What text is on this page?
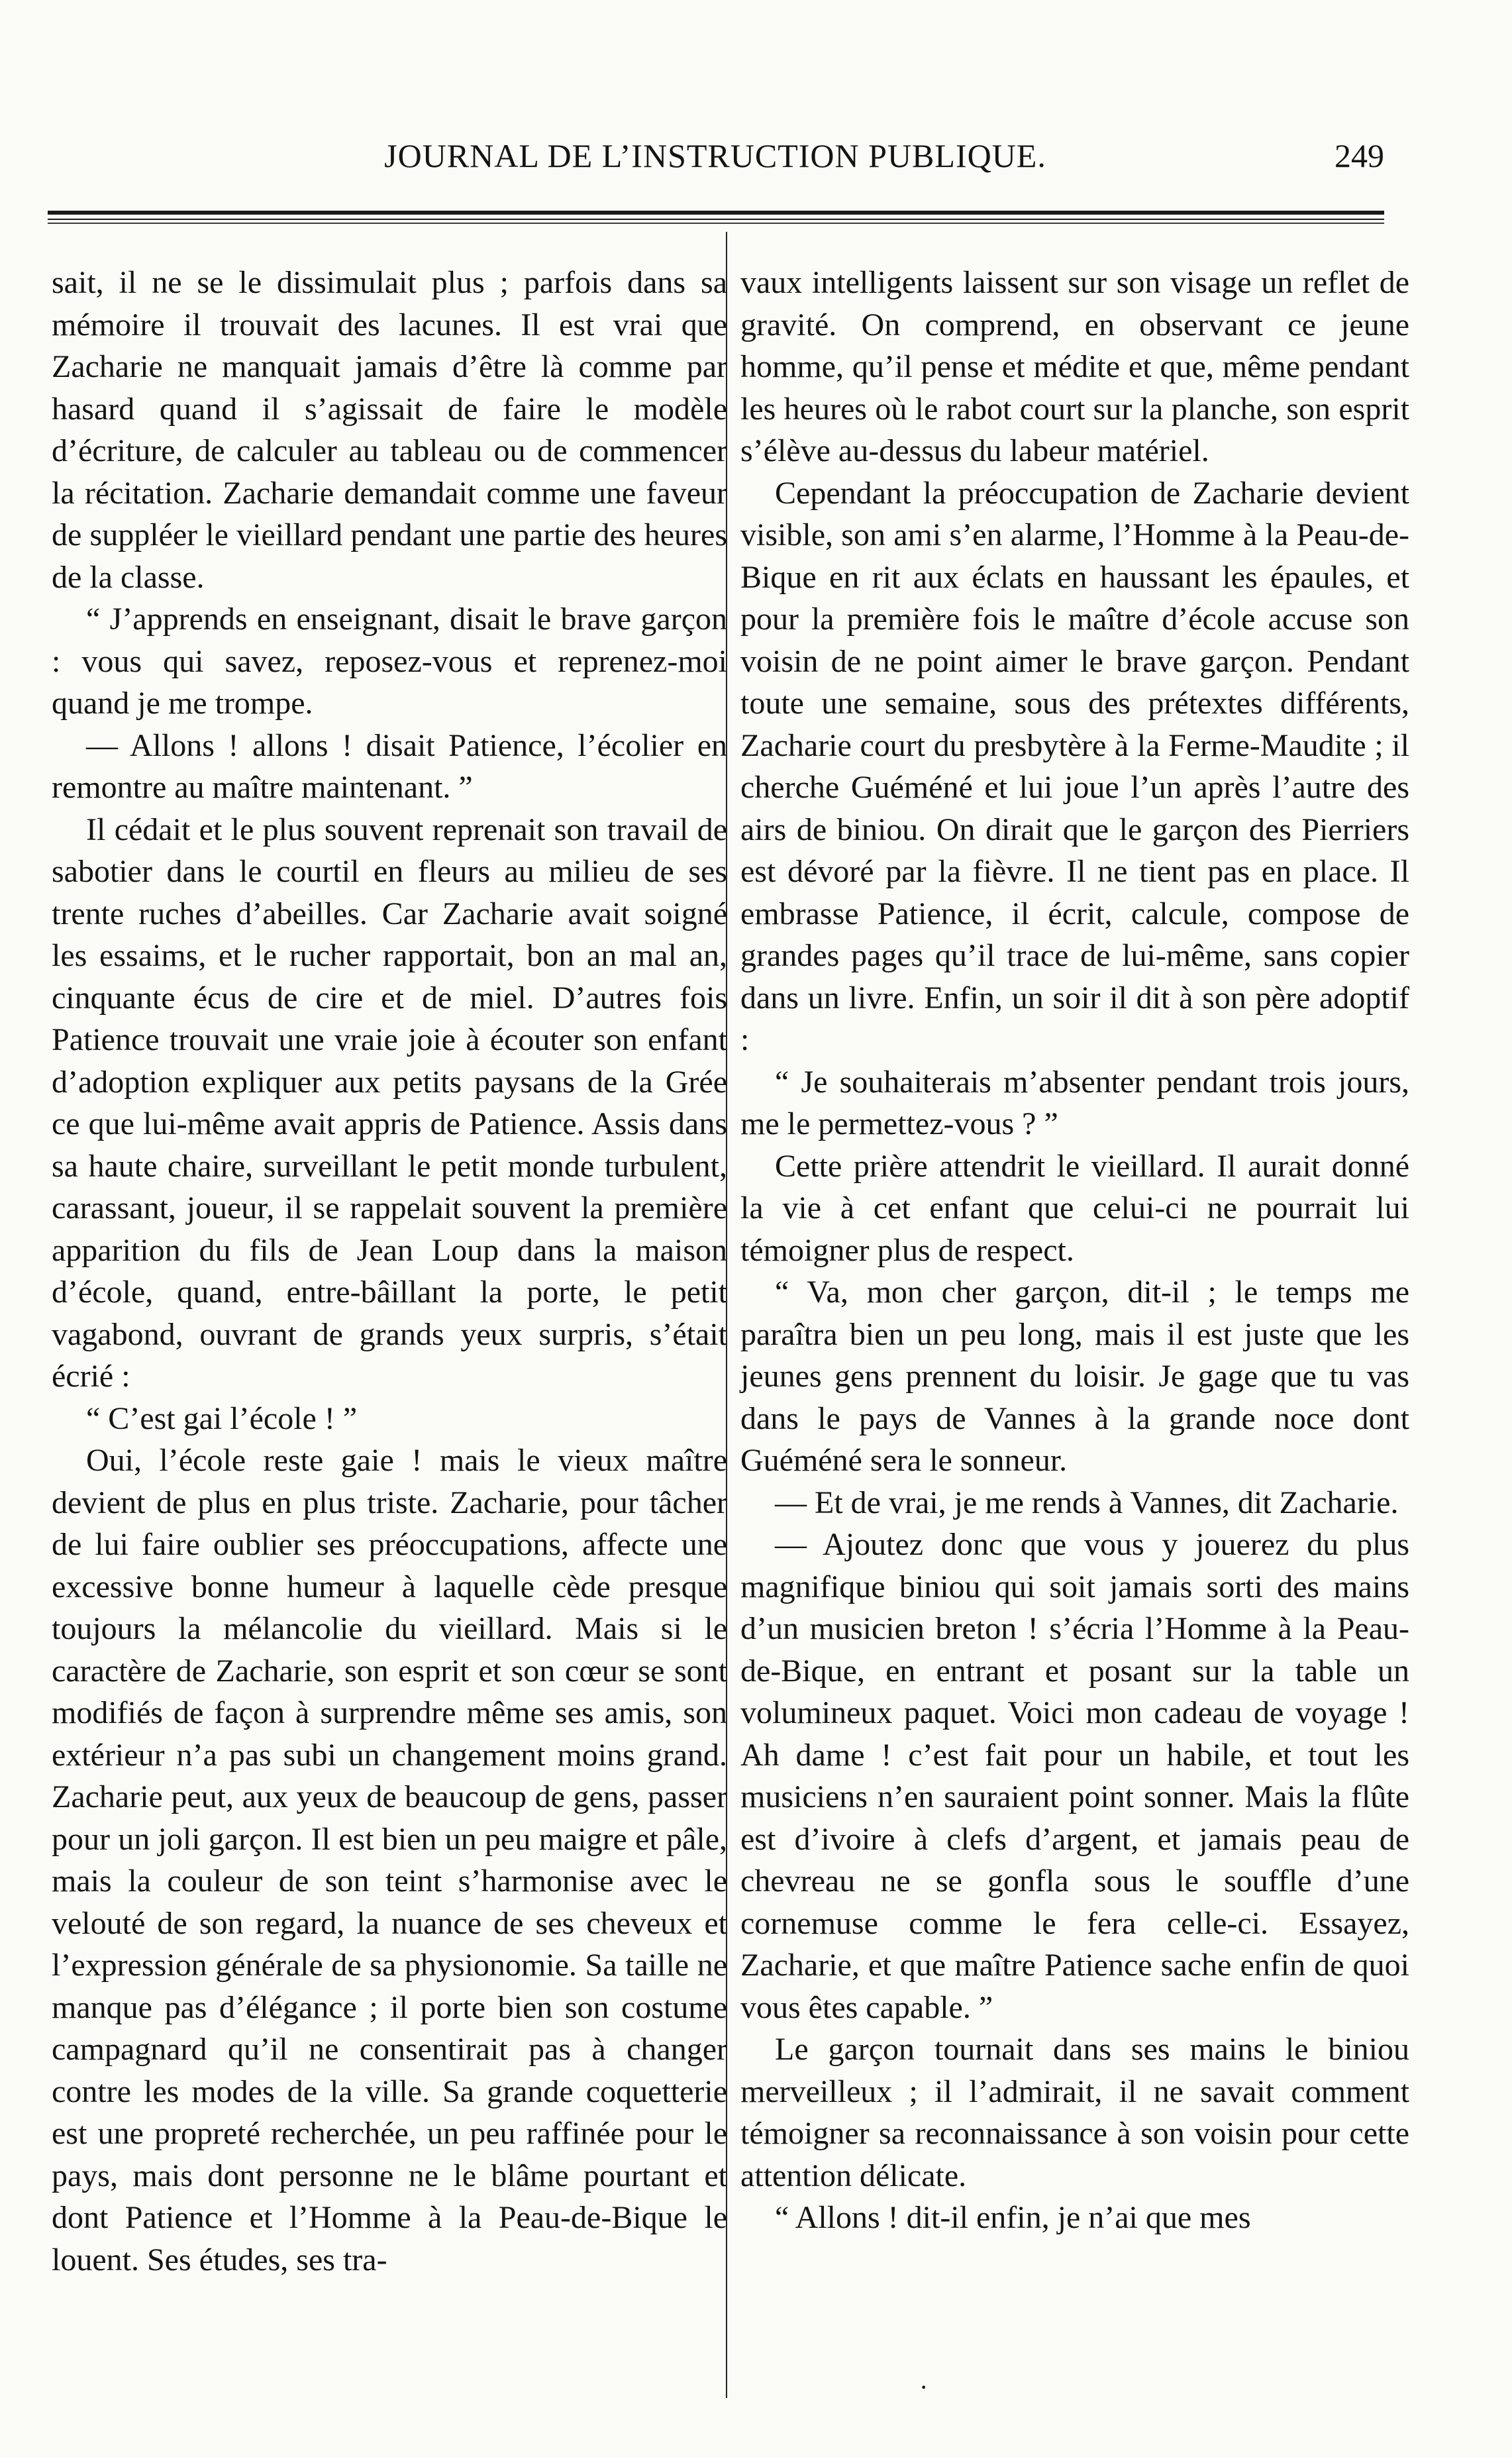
JOURNAL DE L’INSTRUCTION PUBLIQUE.	249

sait, il ne se le dissimulait plus ; parfois dans sa mémoire il trouvait des lacunes. Il est vrai que Zacharie ne manquait jamais d’être là comme par hasard quand il s’agissait de faire le modèle d’écriture, de calculer au tableau ou de commencer la récitation. Zacharie demandait comme une faveur de suppléer le vieillard pendant une partie des heures de la classe.

“ J’apprends en enseignant, disait le brave garçon : vous qui savez, reposez-vous et reprenez-moi quand je me trompe.

— Allons ! allons ! disait Patience, l’écolier en remontre au maître maintenant. ”

Il cédait et le plus souvent reprenait son travail de sabotier dans le courtil en fleurs au milieu de ses trente ruches d’abeilles. Car Zacharie avait soigné les essaims, et le rucher rapportait, bon an mal an, cinquante écus de cire et de miel. D’autres fois Patience trouvait une vraie joie à écouter son enfant d’adoption expliquer aux petits paysans de la Grée ce que lui-même avait appris de Patience. Assis dans sa haute chaire, surveillant le petit monde turbulent, carassant, joueur, il se rappelait souvent la première apparition du fils de Jean Loup dans la maison d’école, quand, entre-bâillant la porte, le petit vagabond, ouvrant de grands yeux surpris, s’était écrié :

“ C’est gai l’école ! ”

Oui, l’école reste gaie ! mais le vieux maître devient de plus en plus triste. Zacharie, pour tâcher de lui faire oublier ses préoccupations, affecte une excessive bonne humeur à laquelle cède presque toujours la mélancolie du vieillard. Mais si le caractère de Zacharie, son esprit et son cœur se sont modifiés de façon à surprendre même ses amis, son extérieur n’a pas subi un changement moins grand. Zacharie peut, aux yeux de beaucoup de gens, passer pour un joli garçon. Il est bien un peu maigre et pâle, mais la couleur de son teint s’harmonise avec le velouté de son regard, la nuance de ses cheveux et l’expression générale de sa physionomie. Sa taille ne manque pas d’élégance ; il porte bien son costume campagnard qu’il ne consentirait pas à changer contre les modes de la ville. Sa grande coquetterie est une propreté recherchée, un peu raffinée pour le pays, mais dont personne ne le blâme pourtant et dont Patience et l’Homme à la Peau-de-Bique le louent. Ses études, ses tra-

vaux intelligents laissent sur son visage un reflet de gravité. On comprend, en observant ce jeune homme, qu’il pense et médite et que, même pendant les heures où le rabot court sur la planche, son esprit s’élève au-dessus du labeur matériel.

Cependant la préoccupation de Zacharie devient visible, son ami s’en alarme, l’Homme à la Peau-de-Bique en rit aux éclats en haussant les épaules, et pour la première fois le maître d’école accuse son voisin de ne point aimer le brave garçon. Pendant toute une semaine, sous des prétextes différents, Zacharie court du presbytère à la Ferme-Maudite ; il cherche Guéméné et lui joue l’un après l’autre des airs de biniou. On dirait que le garçon des Pierriers est dévoré par la fièvre. Il ne tient pas en place. Il embrasse Patience, il écrit, calcule, compose de grandes pages qu’il trace de lui-même, sans copier dans un livre. Enfin, un soir il dit à son père adoptif :

“ Je souhaiterais m’absenter pendant trois jours, me le permettez-vous ? ”

Cette prière attendrit le vieillard. Il aurait donné la vie à cet enfant que celui-ci ne pourrait lui témoigner plus de respect.

“ Va, mon cher garçon, dit-il ; le temps me paraîtra bien un peu long, mais il est juste que les jeunes gens prennent du loisir. Je gage que tu vas dans le pays de Vannes à la grande noce dont Guéméné sera le sonneur.

— Et de vrai, je me rends à Vannes, dit Zacharie.

— Ajoutez donc que vous y jouerez du plus magnifique biniou qui soit jamais sorti des mains d’un musicien breton ! s’écria l’Homme à la Peau-de-Bique, en entrant et posant sur la table un volumineux paquet. Voici mon cadeau de voyage ! Ah dame ! c’est fait pour un habile, et tout les musiciens n’en sauraient point sonner. Mais la flûte est d’ivoire à clefs d’argent, et jamais peau de chevreau ne se gonfla sous le souffle d’une cornemuse comme le fera celle-ci. Essayez, Zacharie, et que maître Patience sache enfin de quoi vous êtes capable. ”

Le garçon tournait dans ses mains le biniou merveilleux ; il l’admirait, il ne savait comment témoigner sa reconnaissance à son voisin pour cette attention délicate.

“ Allons ! dit-il enfin, je n’ai que mes

·
